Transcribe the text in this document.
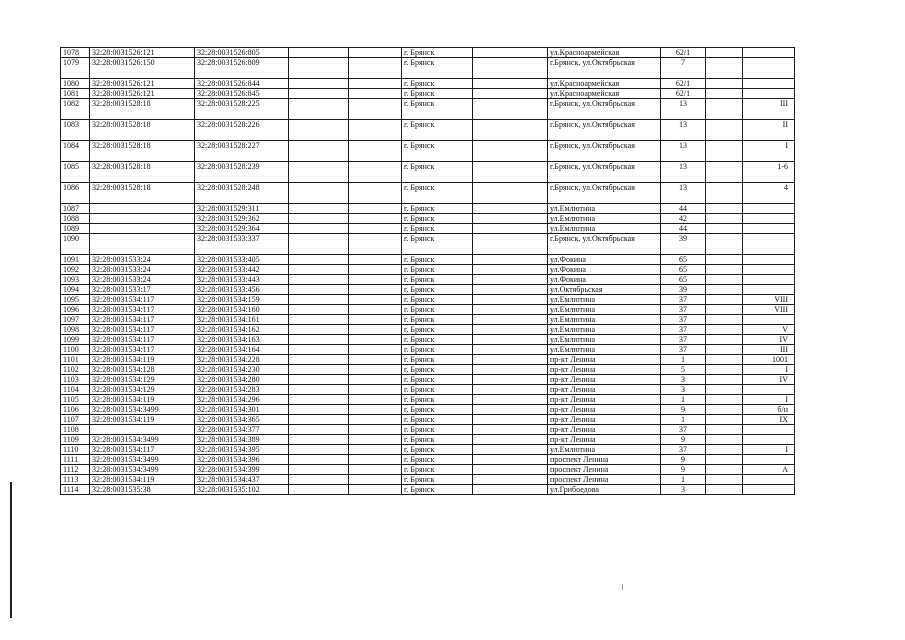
1078	32:28:0031526:121	32:28:0031526:805			г. Брянск		ул.Красноармейская	62/1		
1079	32:28:0031526:150	32:28:0031526:809			г. Брянск		г.Брянск, ул.Октябрьская	7		
1080	32:28:0031526:121	32:28:0031526:844			г. Брянск		ул.Красноармейская	62/1		
1081	32:28:0031526:121	32:28:0031526:845			г. Брянск		ул.Красноармейская	62/1		
1082	32:28:0031528:18	32:28:0031528:225			г. Брянск		г.Брянск, ул.Октябрьская	13		III
1083	32:28:0031528:18	32:28:0031528:226			г. Брянск		г.Брянск, ул.Октябрьская	13		II
1084	32:28:0031528:18	32:28:0031528:227			г. Брянск		г.Брянск, ул.Октябрьская	13		I
1085	32:28:0031528:18	32:28:0031528:239			г. Брянск		г.Брянск, ул.Октябрьская	13		1-6
1086	32:28:0031528:18	32:28:0031528:248			г. Брянск		г.Брянск, ул.Октябрьская	13		4
1087		32:28:0031529:311			г. Брянск		ул.Емлютина	44		
1088		32:28:0031529:362			г. Брянск		ул.Емлютина	42		
1089		32:28:0031529:364			г. Брянск		ул.Емлютина	44		
1090		32:28:0031533:337			г. Брянск		г.Брянск, ул.Октябрьская	39		
1091	32:28:0031533:24	32:28:0031533:405			г. Брянск		ул.Фокина	65		
1092	32:28:0031533:24	32:28:0031533:442			г. Брянск		ул.Фокина	65		
1093	32:28:0031533:24	32:28:0031533:443			г. Брянск		ул.Фокина	65		
1094	32:28:0031533:17	32:28:0031533:456			г. Брянск		ул.Октябрьская	39		
1095	32:28:0031534:117	32:28:0031534:159			г. Брянск		ул.Емлютина	37		VIII
1096	32:28:0031534:117	32:28:0031534:160			г. Брянск		ул.Емлютина	37		VIII
1097	32:28:0031534:117	32:28:0031534:161			г. Брянск		ул.Емлютина	37		
1098	32:28:0031534:117	32:28:0031534:162			г. Брянск		ул.Емлютина	37		V
1099	32:28:0031534:117	32:28:0031534:163			г. Брянск		ул.Емлютина	37		IV
1100	32:28:0031534:117	32:28:0031534:164			г. Брянск		ул.Емлютина	37		III
1101	32:28:0031534:119	32:28:0031534:228			г. Брянск		пр-кт Ленина	1		1001
1102	32:28:0031534:128	32:28:0031534:230			г. Брянск		пр-кт Ленина	5		I
1103	32:28:0031534:129	32:28:0031534:280			г. Брянск		пр-кт Ленина	3		IV
1104	32:28:0031534:129	32:28:0031534:283			г. Брянск		пр-кт Ленина	3		
1105	32:28:0031534:119	32:28:0031534:296			г. Брянск		пр-кт Ленина	1		I
1106	32:28:0031534:3499	32:28:0031534:301			г. Брянск		пр-кт Ленина	9		б/н
1107	32:28:0031534:119	32:28:0031534:365			г. Брянск		пр-кт Ленина	1		IX
1108		32:28:0031534:377			г. Брянск		пр-кт Ленина	37		
1109	32:28:0031534:3499	32:28:0031534:389			г. Брянск		пр-кт Ленина	9		
1110	32:28:0031534:117	32:28:0031534:395			г. Брянск		ул.Емлютина	37		I
1111	32:28:0031534:3499	32:28:0031534:396			г. Брянск		проспект Ленина	9		
1112	32:28:0031534:3499	32:28:0031534:399			г. Брянск		проспект Ленина	9		А
1113	32:28:0031534:119	32:28:0031534:437			г. Брянск		проспект Ленина	1		
1114	32:28:0031535:38	32:28:0031535:102			г. Брянск		ул.Грибоедова	3		
